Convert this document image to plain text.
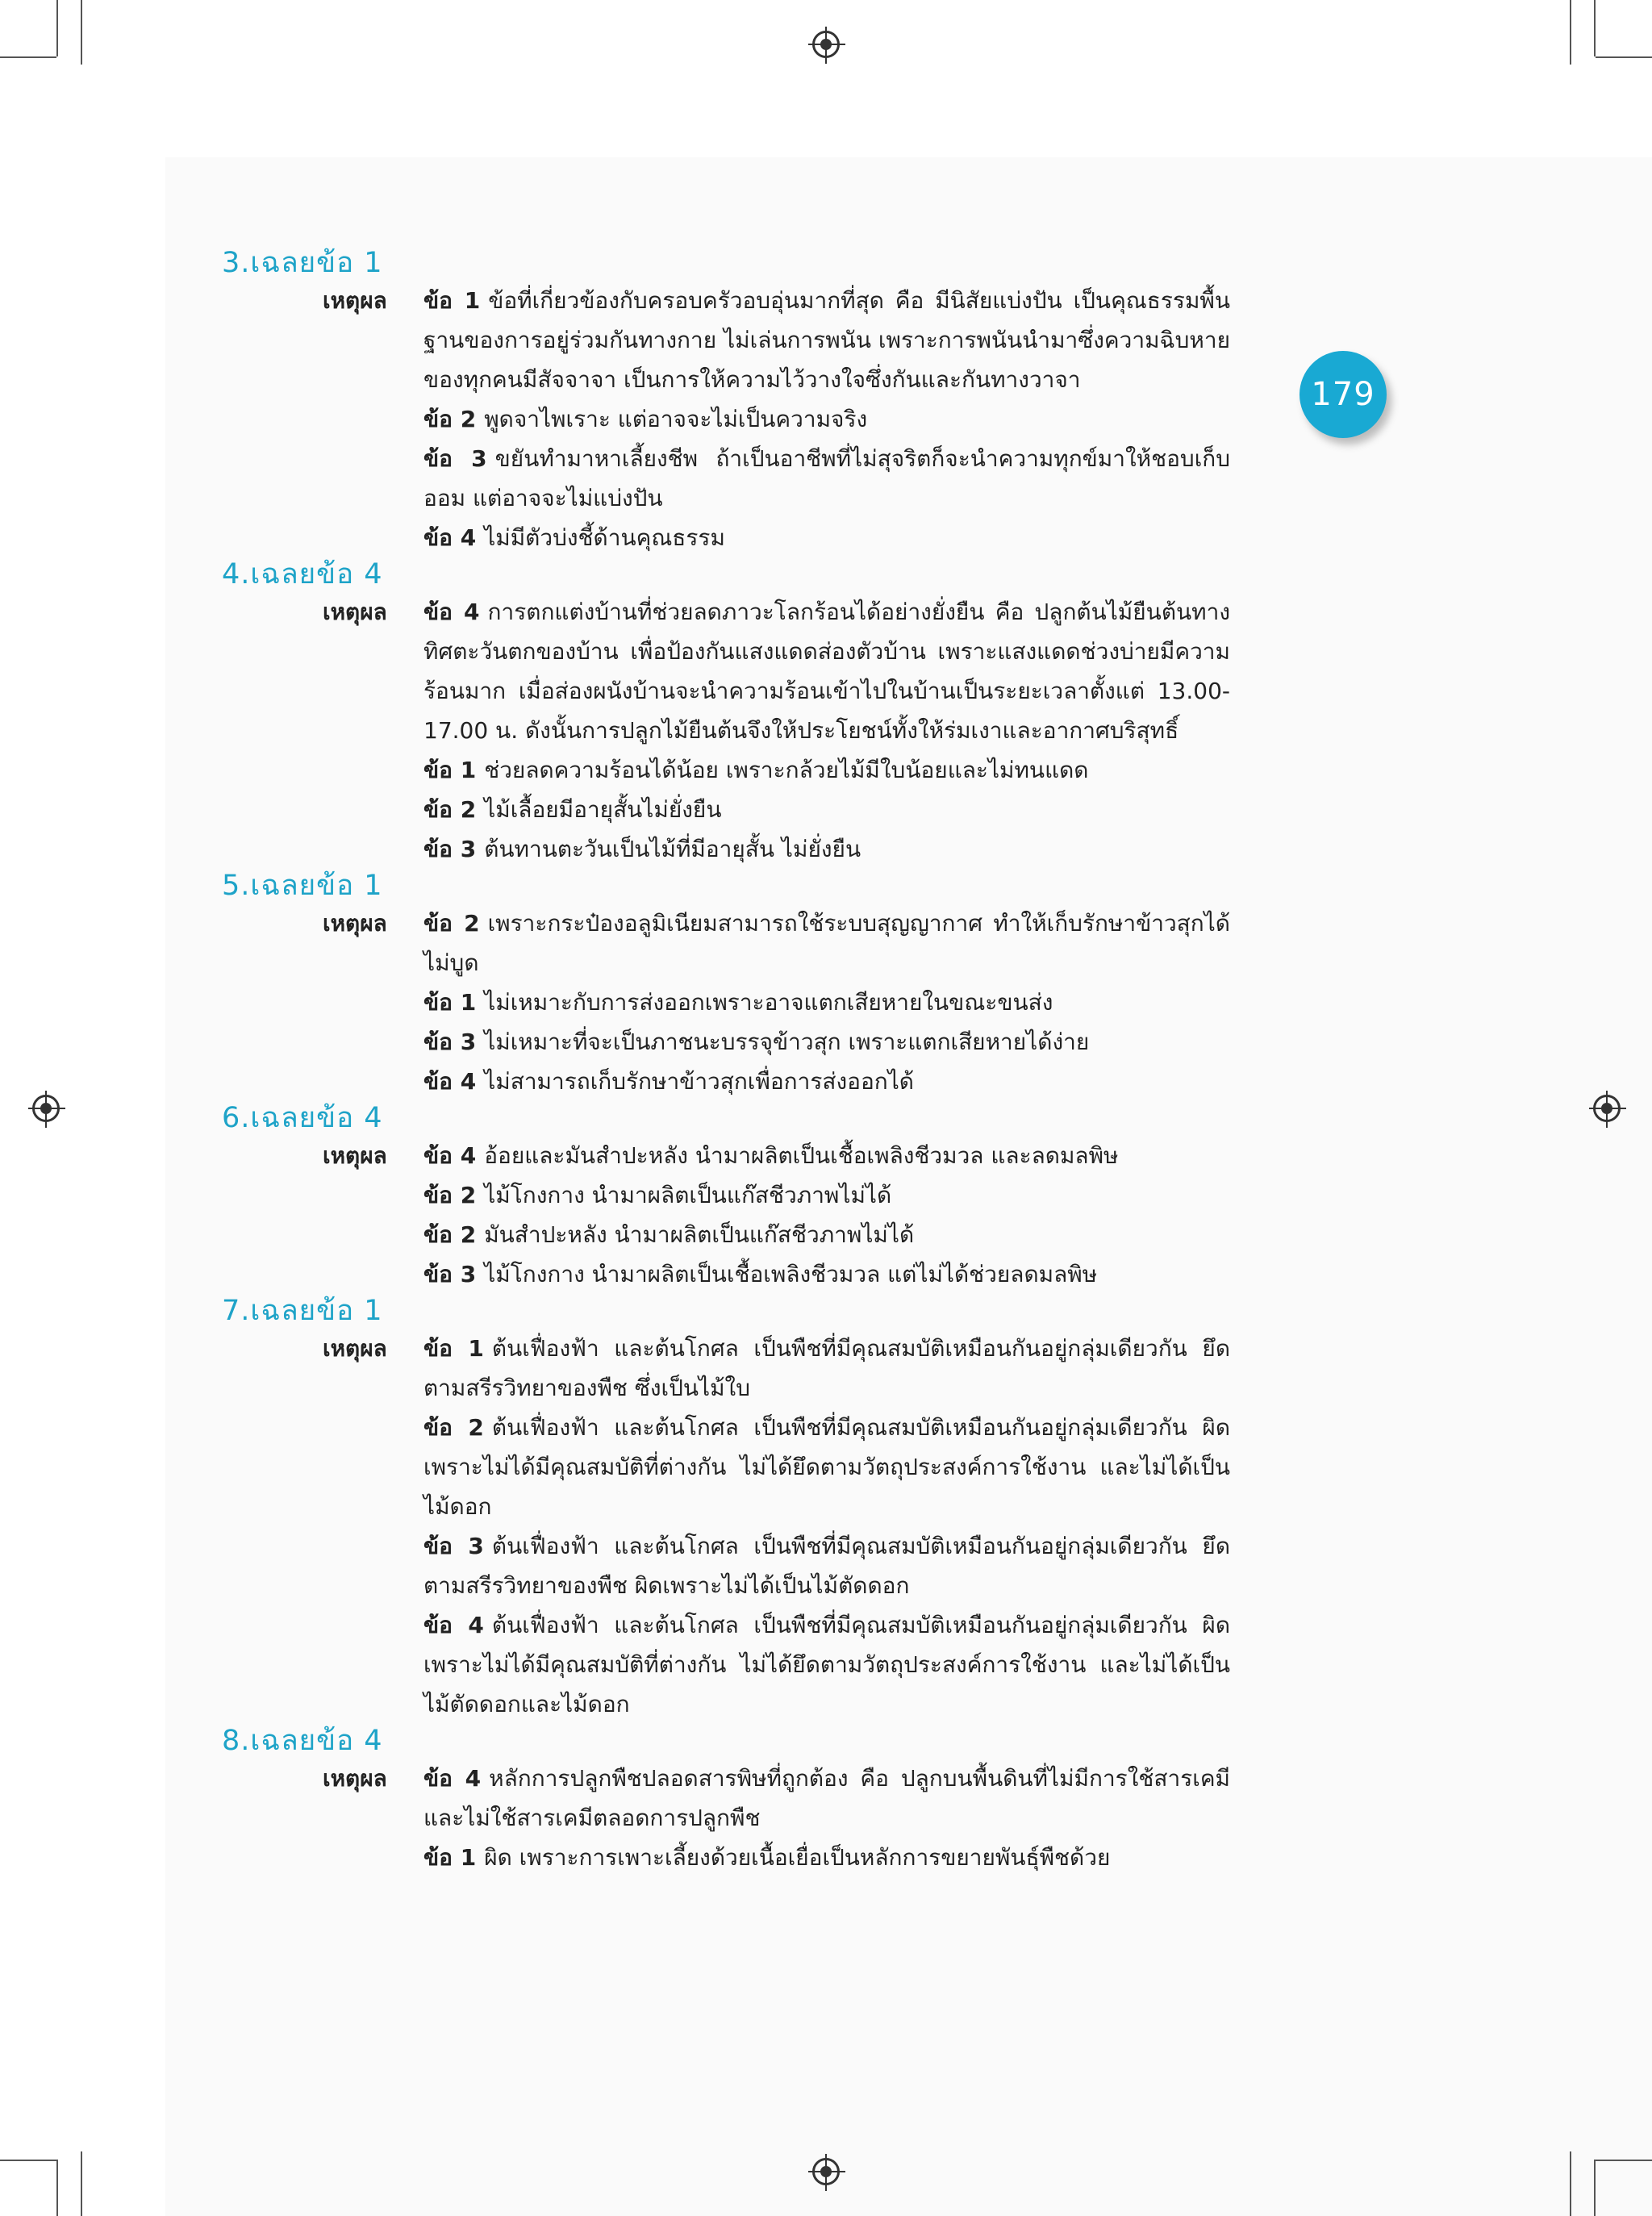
179
3.เฉลยข้อ 1
เหตุผล ข้อ 1 ข้อที่เกี่ยวข้องกับครอบครัวอบอุ่นมากที่สุด คือ มีนิสัยแบ่งปัน เป็นคุณธรรมพื้นฐานของการอยู่ร่วมกันทางกาย ไม่เล่นการพนัน เพราะการพนันนำมาซึ่งความฉิบหายของทุกคนมีสัจจาจา เป็นการให้ความไว้วางใจซึ่งกันและกันทางวาจา
ข้อ 2 พูดจาไพเราะ แต่อาจจะไม่เป็นความจริง
ข้อ 3 ขยันทำมาหาเลี้ยงชีพ ถ้าเป็นอาชีพที่ไม่สุจริตก็จะนำความทุกข์มาให้ชอบเก็บออม แต่อาจจะไม่แบ่งปัน
ข้อ 4 ไม่มีตัวบ่งชี้ด้านคุณธรรม
4.เฉลยข้อ 4
เหตุผล ข้อ 4 การตกแต่งบ้านที่ช่วยลดภาวะโลกร้อนได้อย่างยั่งยืน คือ ปลูกต้นไม้ยืนต้นทางทิศตะวันตกของบ้าน เพื่อป้องกันแสงแดดส่องตัวบ้าน เพราะแสงแดดช่วงบ่ายมีความร้อนมาก เมื่อส่องผนังบ้านจะนำความร้อนเข้าไปในบ้านเป็นระยะเวลาตั้งแต่ 13.00-17.00 น. ดังนั้นการปลูกไม้ยืนต้นจึงให้ประโยชน์ทั้งให้ร่มเงาและอากาศบริสุทธิ์
ข้อ 1 ช่วยลดความร้อนได้น้อย เพราะกล้วยไม้มีใบน้อยและไม่ทนแดด
ข้อ 2 ไม้เลื้อยมีอายุสั้นไม่ยั่งยืน
ข้อ 3 ต้นทานตะวันเป็นไม้ที่มีอายุสั้น ไม่ยั่งยืน
5.เฉลยข้อ 1
เหตุผล ข้อ 2 เพราะกระป๋องอลูมิเนียมสามารถใช้ระบบสุญญากาศ ทำให้เก็บรักษาข้าวสุกได้ ไม่บูด
ข้อ 1 ไม่เหมาะกับการส่งออกเพราะอาจแตกเสียหายในขณะขนส่ง
ข้อ 3 ไม่เหมาะที่จะเป็นภาชนะบรรจุข้าวสุก เพราะแตกเสียหายได้ง่าย
ข้อ 4 ไม่สามารถเก็บรักษาข้าวสุกเพื่อการส่งออกได้
6.เฉลยข้อ 4
เหตุผล ข้อ 4 อ้อยและมันสำปะหลัง นำมาผลิตเป็นเชื้อเพลิงชีวมวล และลดมลพิษ
ข้อ 2 ไม้โกงกาง นำมาผลิตเป็นแก๊สชีวภาพไม่ได้
ข้อ 2 มันสำปะหลัง นำมาผลิตเป็นแก๊สชีวภาพไม่ได้
ข้อ 3 ไม้โกงกาง นำมาผลิตเป็นเชื้อเพลิงชีวมวล แต่ไม่ได้ช่วยลดมลพิษ
7.เฉลยข้อ 1
เหตุผล ข้อ 1 ต้นเฟื่องฟ้า และต้นโกศล เป็นพืชที่มีคุณสมบัติเหมือนกันอยู่กลุ่มเดียวกัน ยึดตามสรีรวิทยาของพืช ซึ่งเป็นไม้ใบ
ข้อ 2 ต้นเฟื่องฟ้า และต้นโกศล เป็นพืชที่มีคุณสมบัติเหมือนกันอยู่กลุ่มเดียวกัน ผิด เพราะไม่ได้มีคุณสมบัติที่ต่างกัน ไม่ได้ยึดตามวัตถุประสงค์การใช้งาน และไม่ได้เป็นไม้ดอก
ข้อ 3 ต้นเฟื่องฟ้า และต้นโกศล เป็นพืชที่มีคุณสมบัติเหมือนกันอยู่กลุ่มเดียวกัน ยึดตามสรีรวิทยาของพืช ผิดเพราะไม่ได้เป็นไม้ตัดดอก
ข้อ 4 ต้นเฟื่องฟ้า และต้นโกศล เป็นพืชที่มีคุณสมบัติเหมือนกันอยู่กลุ่มเดียวกัน ผิด เพราะไม่ได้มีคุณสมบัติที่ต่างกัน ไม่ได้ยึดตามวัตถุประสงค์การใช้งาน และไม่ได้เป็นไม้ตัดดอกและไม้ดอก
8.เฉลยข้อ 4
เหตุผล ข้อ 4 หลักการปลูกพืชปลอดสารพิษที่ถูกต้อง คือ ปลูกบนพื้นดินที่ไม่มีการใช้สารเคมี และไม่ใช้สารเคมีตลอดการปลูกพืช
ข้อ 1 ผิด เพราะการเพาะเลี้ยงด้วยเนื้อเยื่อเป็นหลักการขยายพันธุ์พืชด้วย
